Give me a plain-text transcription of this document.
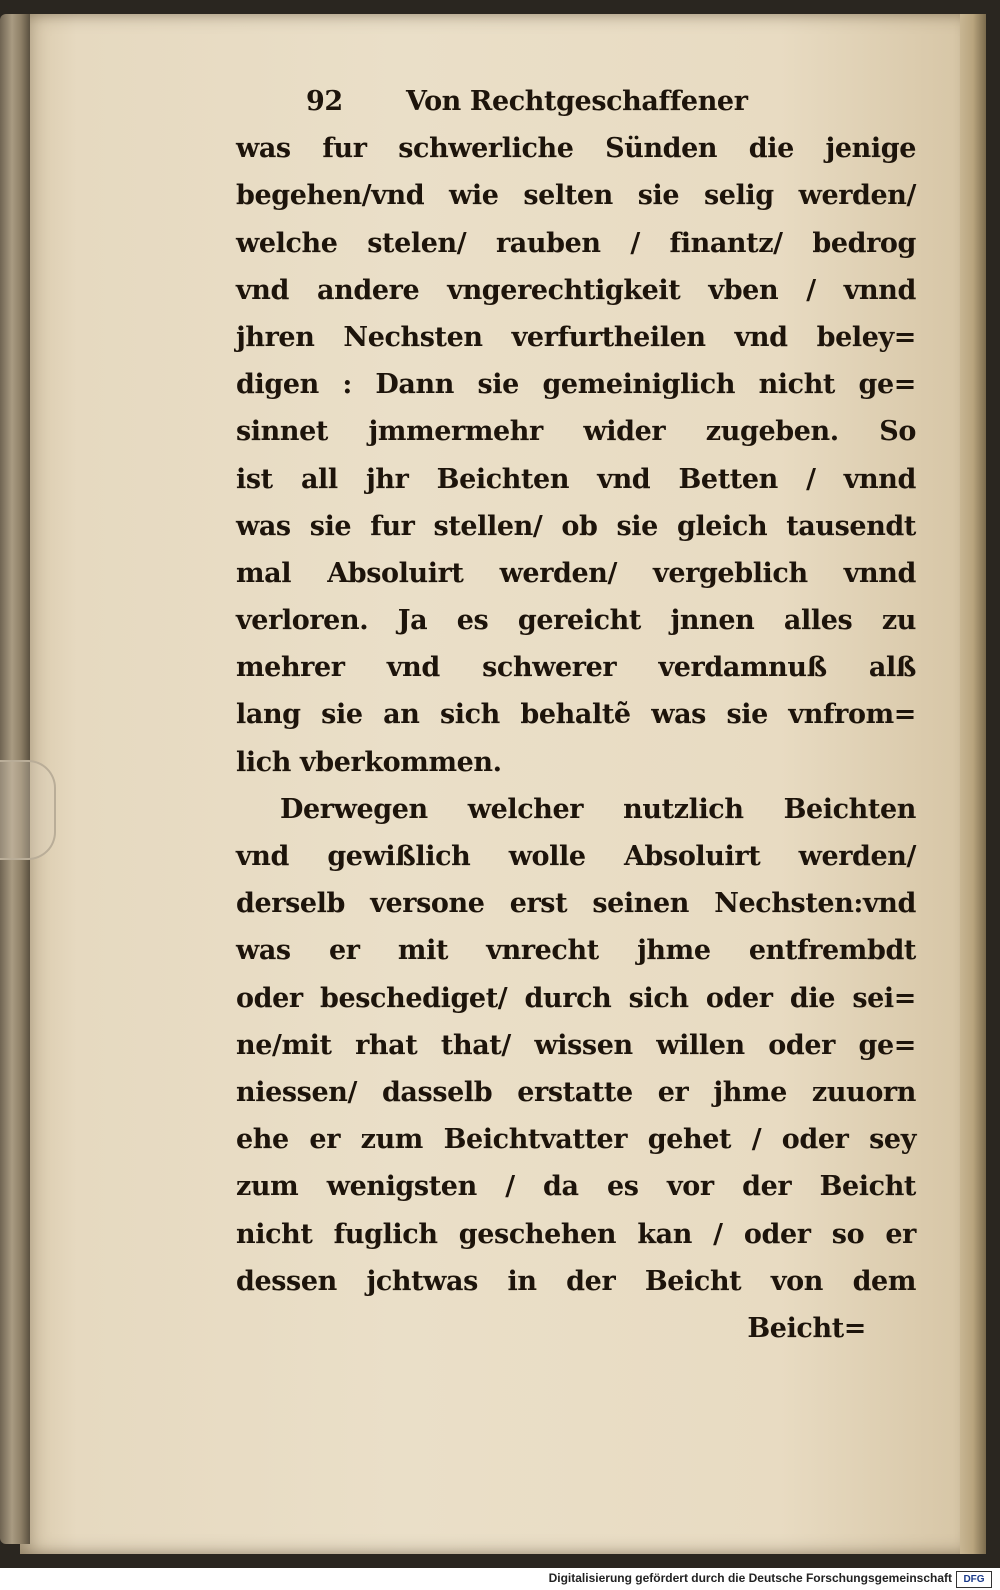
92 Von Rechtgeschaffener
was fur schwerliche Sünden die jenige
begehen/vnd wie selten sie selig werden/
welche stelen/ rauben / finantz/ bedrog
vnd andere vngerechtigkeit vben / vnnd
jhren Nechsten verfurtheilen vnd beley=
digen : Dann sie gemeiniglich nicht ge=
sinnet jmmermehr wider zugeben. So
ist all jhr Beichten vnd Betten / vnnd
was sie fur stellen/ ob sie gleich tausendt
mal Absoluirt werden/ vergeblich vnnd
verloren. Ja es gereicht jnnen alles zu
mehrer vnd schwerer verdamnuß alß
lang sie an sich behaltẽ was sie vnfrom=
lich vberkommen.
Derwegen welcher nutzlich Beichten
vnd gewißlich wolle Absoluirt werden/
derselb versone erst seinen Nechsten:vnd
was er mit vnrecht jhme entfrembdt
oder beschediget/ durch sich oder die sei=
ne/mit rhat that/ wissen willen oder ge=
niessen/ dasselb erstatte er jhme zuuorn
ehe er zum Beichtvatter gehet / oder sey
zum wenigsten / da es vor der Beicht
nicht fuglich geschehen kan / oder so er
dessen jchtwas in der Beicht von dem
Beicht=
Digitalisierung gefördert durch die Deutsche Forschungsgemeinschaft	DFG
